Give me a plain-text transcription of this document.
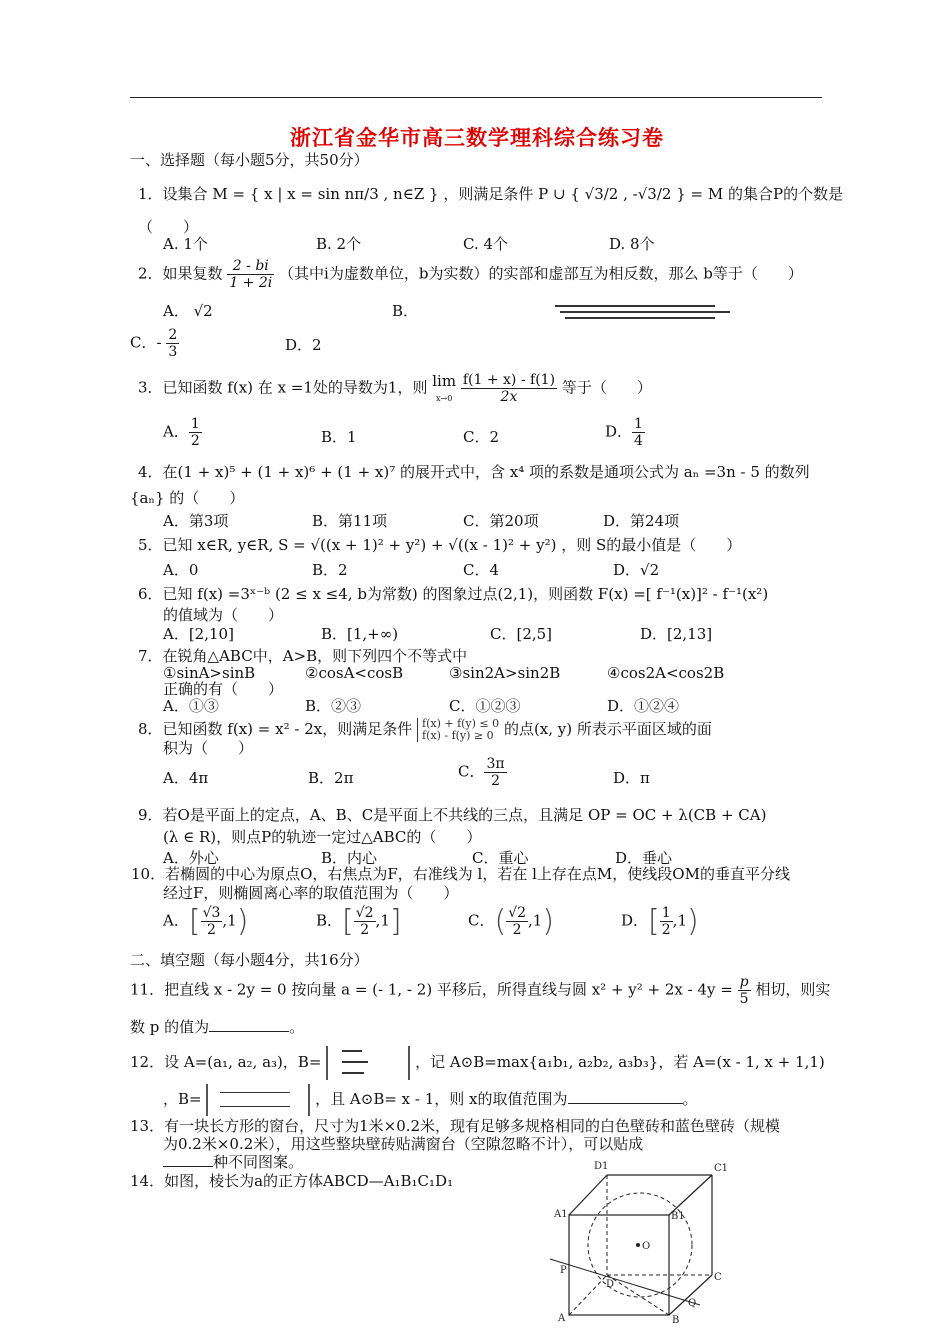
浙江省金华市高三数学理科综合练习卷
一、选择题（每小题5分，共50分）
1．设集合 M = { x | x = sin nπ/3 , n∈Z } ，则满足条件 P ∪ { √3/2 , -√3/2 } = M 的集合P的个数是
（　　）
A. 1个	B. 2个	C. 4个	D. 8个
2．如果复数 $\frac{2 - bi}{1 + 2i}$ （其中i为虚数单位，b为实数）的实部和虚部互为相反数，那么 b等于（　　）
A． √2	B．
C．- $\frac{2}{3}$	D．2
3．已知函数 f(x) 在 x =1处的导数为1，则 lim
$x\to 0 \frac{f(1 + x) - f(1)}{2x}$ 等于（　　）
A． $\frac{1}{2}$	B．1	C．2	D． $\frac{1}{4}$
4．在(1 + x)⁵ + (1 + x)⁶ + (1 + x)⁷ 的展开式中，含 x⁴ 项的系数是通项公式为 aₙ =3n - 5 的数列
{aₙ} 的（　　）
A．第3项	B．第11项	C．第20项	D．第24项
5．已知 x∈R, y∈R, S = √((x + 1)² + y²) + √((x - 1)² + y²) ，则 S的最小值是（　　）
A．0	B．2	C．4	D．√2
6．已知 f(x) =3ˣ⁻ᵇ (2 ≤ x ≤4, b为常数) 的图象过点(2,1)，则函数 F(x) =[ f⁻¹(x)]² - f⁻¹(x²)
的值域为（　　）
A．[2,10]	B．[1,+∞)	C．[2,5]	D．[2,13]
7．在锐角△ABC中，A>B，则下列四个不等式中
①sinA>sinB	②cosA<cosB	③sin2A>sin2B	④cos2A<cos2B
正确的有（　　）
A．①③	B．②③	C．①②③	D．①②④
8．已知函数 f(x) = x² - 2x，则满足条件 f(x) + f(y) ≤ 0
f(x) - f(y) ≥ 0 的点(x, y) 所表示平面区域的面
积为（　　）
A．4π	B．2π	C． $\frac{3\pi}{2}$	D．π
9．若O是平面上的定点，A、B、C是平面上不共线的三点，且满足 OP = OC + λ(CB + CA)
(λ ∈ R)，则点P的轨迹一定过△ABC的（　　）
A．外心	B．内心	C．重心	D．垂心
10．若椭圆的中心为原点O，右焦点为F，右准线为 l，若在 l上存在点M，使线段OM的垂直平分线
经过F，则椭圆离心率的取值范围为（　　）
A．[ $\frac{√3}{2} ,1$)	B．[ $\frac{√2}{2} ,1$]	C．( $\frac{√2}{2} ,1$)	D．[ $\frac{1}{2} ,1$)
二、填空题（每小题4分，共16分）
11．把直线 x - 2y = 0 按向量 a = (- 1, - 2) 平移后，所得直线与圆 $x^2 + y^2 + 2x - 4y = \frac{p}{5}$ 相切，则实
数 p 的值为	。
12．设 A=(a₁, a₂, a₃)，B=	，记 A⊙B=max{a₁b₁, a₂b₂, a₃b₃}，若 A=(x - 1, x + 1,1)
，B=	，且 A⊙B= x - 1，则 x的取值范围为	。
13．有一块长方形的窗台，尺寸为1米×0.2米，现有足够多规格相同的白色壁砖和蓝色壁砖（规模
为0.2米×0.2米），用这些整块壁砖贴满窗台（空隙忽略不计），可以贴成
种不同图案。
14．如图，棱长为a的正方体ABCD—A₁B₁C₁D₁
D1	C1
A1	B1
O
P
D
C
A	B
Q
